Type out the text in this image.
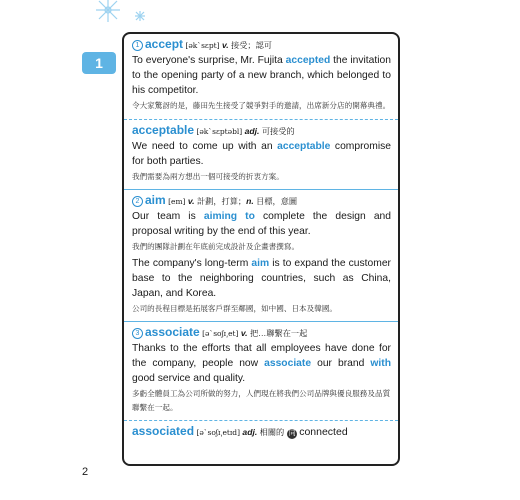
1
1 accept [ək`sɛpt] v. 接受；認可

To everyone's surprise, Mr. Fujita accepted the invitation to the opening party of a new branch, which belonged to his competitor.

令大家驚訝的是，藤田先生接受了競爭對手的邀請，出席新分店的開幕典禮。

acceptable [ək`sɛptəbl] adj. 可接受的

We need to come up with an acceptable compromise for both parties.

我們需要為兩方想出一個可接受的折衷方案。

2 aim [em] v. 計劃，打算；n. 目標，意圖

Our team is aiming to complete the design and proposal writing by the end of this year.

我們的團隊計劃在年底前完成設計及企畫書撰寫。

The company's long-term aim is to expand the customer base to the neighboring countries, such as China, Japan, and Korea.

公司的長程目標是拓展客戶群至鄰國，如中國、日本及韓國。

3 associate [ə`soʃɪ͵et] v. 把…聯繫在一起

Thanks to the efforts that all employees have done for the company, people now associate our brand with good service and quality.

多虧全體員工為公司所做的努力，人們現在將我們公司品牌與優良服務及品質聯繫在一起。

associated [ə`soʃɪ͵etɪd] adj. 相關的 同 connected
2
